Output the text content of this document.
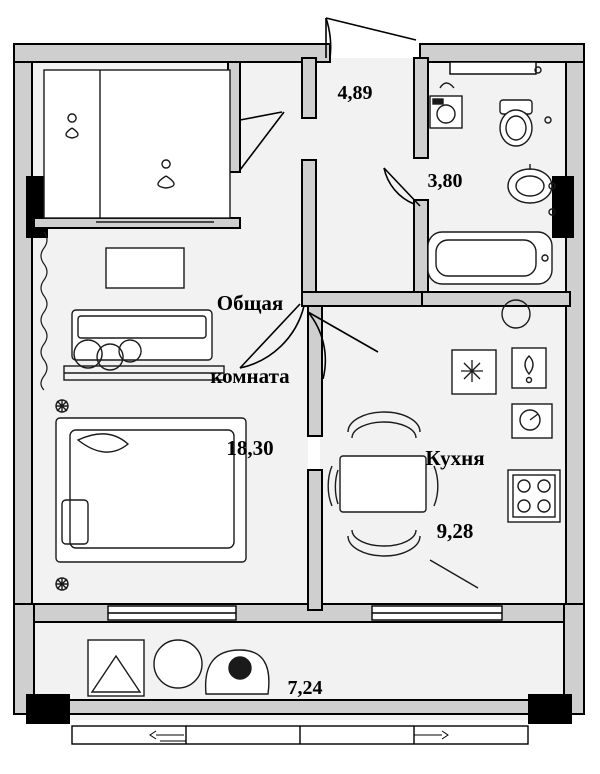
Общая

комната

18,30

4,89
3,80

Кухня

9,28

7,24
